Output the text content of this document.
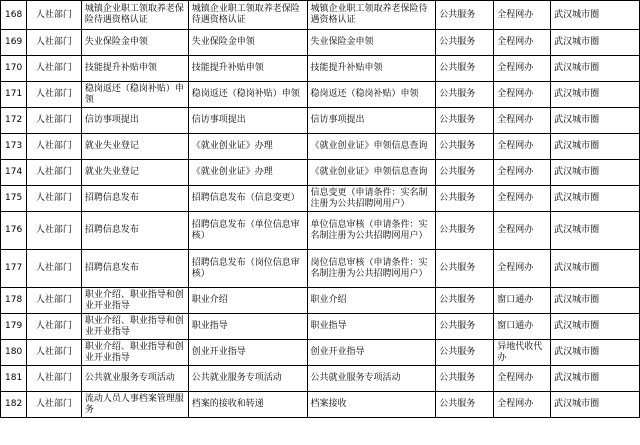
168	人社部门	城镇企业职工领取养老保险待遇资格认证	城镇企业职工领取养老保险待遇资格认证	城镇企业职工领取养老保险待遇资格认证	公共服务	全程网办	武汉城市圈
169	人社部门	失业保险金申领	失业保险金申领	失业保险金申领	公共服务	全程网办	武汉城市圈
170	人社部门	技能提升补贴申领	技能提升补贴申领	技能提升补贴申领	公共服务	全程网办	武汉城市圈
171	人社部门	稳岗返还（稳岗补贴）申领	稳岗返还（稳岗补贴）申领	稳岗返还（稳岗补贴）申领	公共服务	全程网办	武汉城市圈
172	人社部门	信访事项提出	信访事项提出	信访事项提出	公共服务	全程网办	武汉城市圈
173	人社部门	就业失业登记	《就业创业证》办理	《就业创业证》申领信息查询	公共服务	全程网办	武汉城市圈
174	人社部门	就业失业登记	《就业创业证》办理	《就业创业证》申领信息查询	公共服务	全程网办	武汉城市圈
175	人社部门	招聘信息发布	招聘信息发布（信息变更）	信息变更（申请条件：实名制注册为公共招聘网用户）	公共服务	全程网办	武汉城市圈
176	人社部门	招聘信息发布	招聘信息发布（单位信息审核）	单位信息审核（申请条件：实名制注册为公共招聘网用户）	公共服务	全程网办	武汉城市圈
177	人社部门	招聘信息发布	招聘信息发布（岗位信息审核）	岗位信息审核（申请条件：实名制注册为公共招聘网用户）	公共服务	全程网办	武汉城市圈
178	人社部门	职业介绍、职业指导和创业开业指导	职业介绍	职业介绍	公共服务	窗口通办	武汉城市圈
179	人社部门	职业介绍、职业指导和创业开业指导	职业指导	职业指导	公共服务	窗口通办	武汉城市圈
180	人社部门	职业介绍、职业指导和创业开业指导	创业开业指导	创业开业指导	公共服务	异地代收代办	武汉城市圈
181	人社部门	公共就业服务专项活动	公共就业服务专项活动	公共就业服务专项活动	公共服务	全程网办	武汉城市圈
182	人社部门	流动人员人事档案管理服务	档案的接收和转递	档案接收	公共服务	全程网办	武汉城市圈
